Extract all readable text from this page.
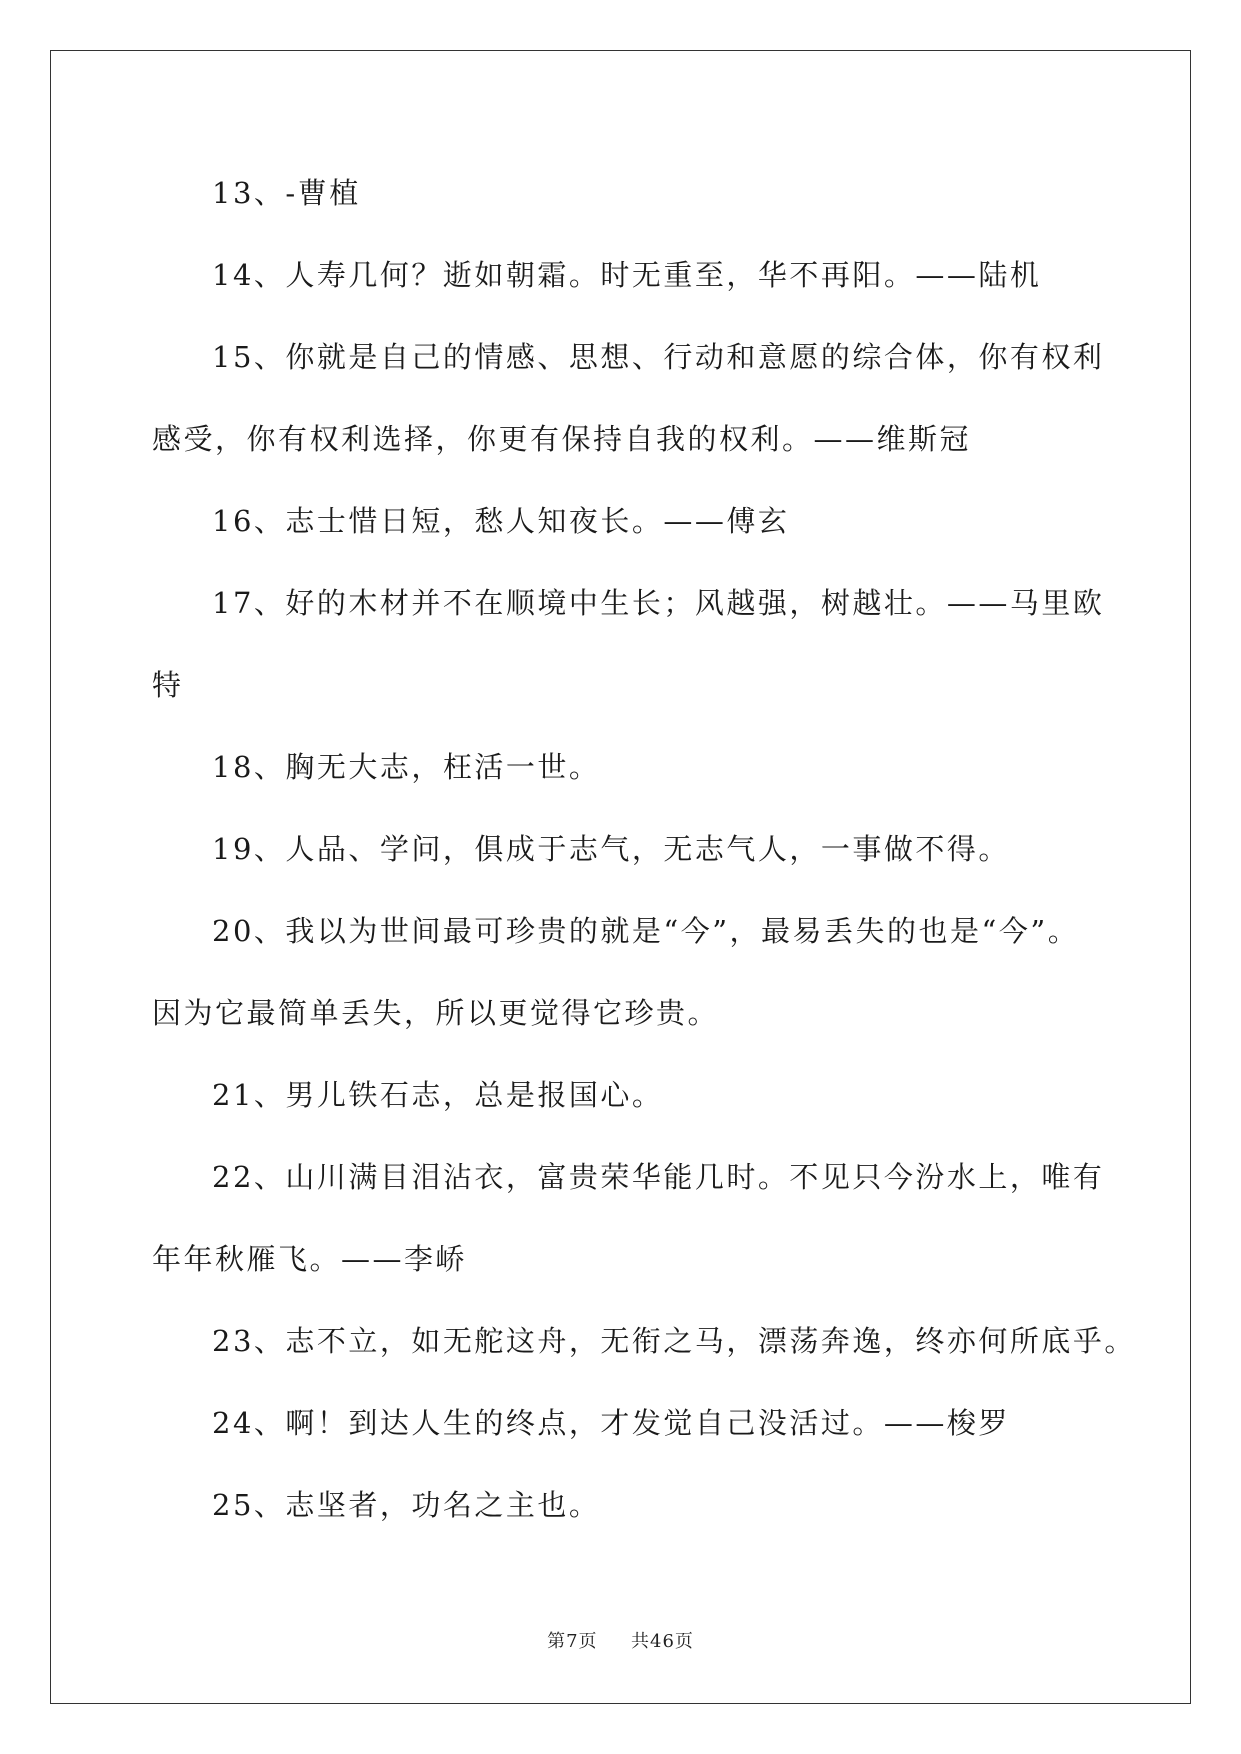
13、-曹植

14、人寿几何？逝如朝霜。时无重至，华不再阳。——陆机

15、你就是自己的情感、思想、行动和意愿的综合体，你有权利

感受，你有权利选择，你更有保持自我的权利。——维斯冠

16、志士惜日短，愁人知夜长。——傅玄

17、好的木材并不在顺境中生长；风越强，树越壮。——马里欧

特

18、胸无大志，枉活一世。

19、人品、学问，俱成于志气，无志气人，一事做不得。

20、我以为世间最可珍贵的就是“今”，最易丢失的也是“今”。

因为它最简单丢失，所以更觉得它珍贵。

21、男儿铁石志，总是报国心。

22、山川满目泪沾衣，富贵荣华能几时。不见只今汾水上，唯有

年年秋雁飞。——李峤

23、志不立，如无舵这舟，无衔之马，漂荡奔逸，终亦何所底乎。

24、啊！到达人生的终点，才发觉自己没活过。——梭罗

25、志坚者，功名之主也。

第7页 共46页
